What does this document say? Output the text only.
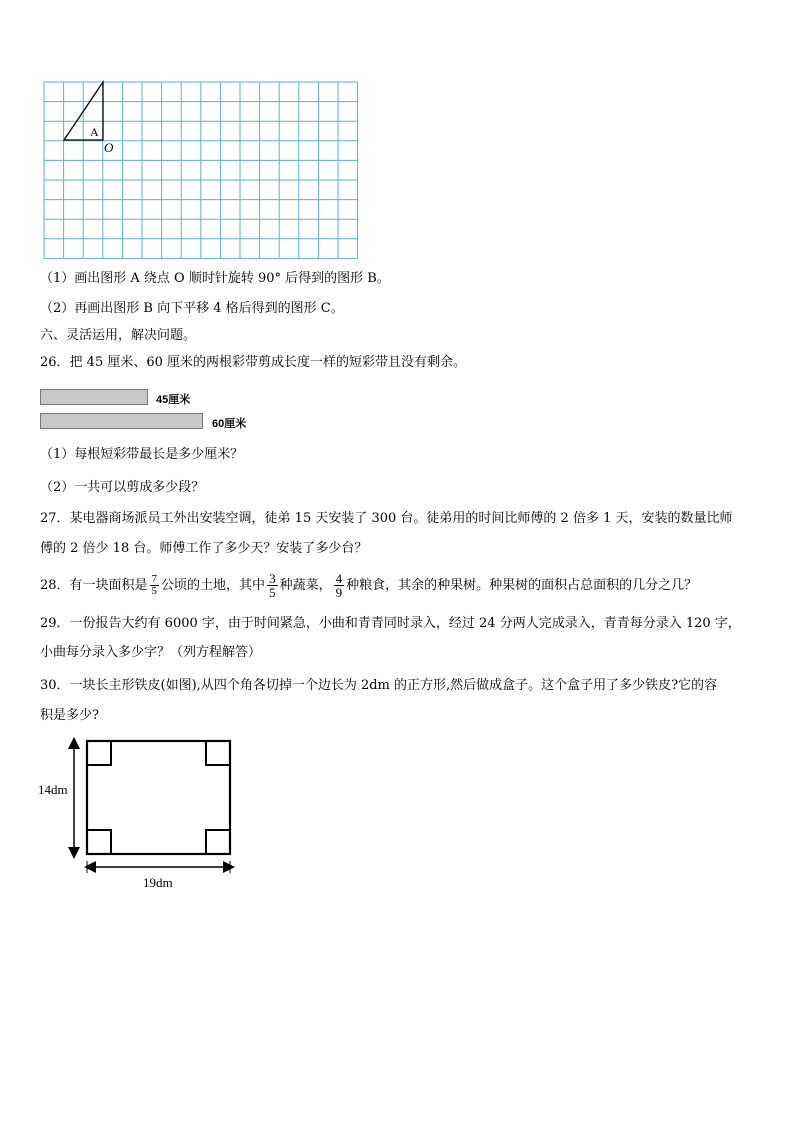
A
O
（1）画出图形 A 绕点 O 顺时针旋转 90° 后得到的图形 B。
（2）再画出图形 B 向下平移 4 格后得到的图形 C。
六、灵活运用，解决问题。
26．把 45 厘米、60 厘米的两根彩带剪成长度一样的短彩带且没有剩余。
45厘米
60厘米
（1）每根短彩带最长是多少厘米？
（2）一共可以剪成多少段？
27．某电器商场派员工外出安装空调，徒弟 15 天安装了 300 台。徒弟用的时间比师傅的 2 倍多 1 天，安装的数量比师
傅的 2 倍少 18 台。师傅工作了多少天？安装了多少台？
28．有一块面积是 $\frac{7}{5}$ 公顷的土地，其中 $\frac{3}{5}$ 种蔬菜， $\frac{4}{9}$ 种粮食，其余的种果树。种果树的面积占总面积的几分之几？
29．一份报告大约有 6000 字，由于时间紧急，小曲和青青同时录入，经过 24 分两人完成录入，青青每分录入 120 字，
小曲每分录入多少字？（列方程解答）
30．一块长主形铁皮(如图),从四个角各切掉一个边长为 2dm 的正方形,然后做成盒子。这个盒子用了多少铁皮?它的容
积是多少?
14dm
19dm
